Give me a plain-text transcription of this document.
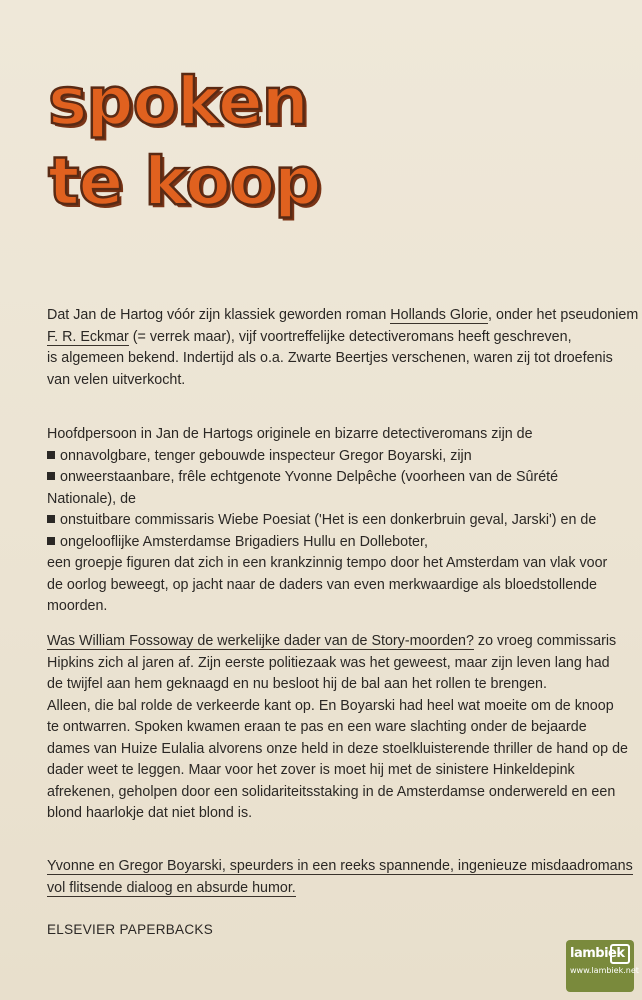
spoken
te koop
Dat Jan de Hartog vóór zijn klassiek geworden roman Hollands Glorie, onder het pseudoniem
F. R. Eckmar (= verrek maar), vijf voortreffelijke detectiveromans heeft geschreven,
is algemeen bekend. Indertijd als o.a. Zwarte Beertjes verschenen, waren zij tot droefenis
van velen uitverkocht.
Hoofdpersoon in Jan de Hartogs originele en bizarre detectiveromans zijn de
onnavolgbare, tenger gebouwde inspecteur Gregor Boyarski, zijn
onweerstaanbare, frêle echtgenote Yvonne Delpêche (voorheen van de Sûrété
Nationale), de
onstuitbare commissaris Wiebe Poesiat ('Het is een donkerbruin geval, Jarski') en de
ongelooflijke Amsterdamse Brigadiers Hullu en Dolleboter,
een groepje figuren dat zich in een krankzinnig tempo door het Amsterdam van vlak voor
de oorlog beweegt, op jacht naar de daders van even merkwaardige als bloedstollende
moorden.
Was William Fossoway de werkelijke dader van de Story-moorden? zo vroeg commissaris
Hipkins zich al jaren af. Zijn eerste politiezaak was het geweest, maar zijn leven lang had
de twijfel aan hem geknaagd en nu besloot hij de bal aan het rollen te brengen.
Alleen, die bal rolde de verkeerde kant op. En Boyarski had heel wat moeite om de knoop
te ontwarren. Spoken kwamen eraan te pas en een ware slachting onder de bejaarde
dames van Huize Eulalia alvorens onze held in deze stoelkluisterende thriller de hand op de
dader weet te leggen. Maar voor het zover is moet hij met de sinistere Hinkeldepink
afrekenen, geholpen door een solidariteitsstaking in de Amsterdamse onderwereld en een
blond haarlokje dat niet blond is.
Yvonne en Gregor Boyarski, speurders in een reeks spannende, ingenieuze misdaadromans
vol flitsende dialoog en absurde humor.
ELSEVIER PAPERBACKS
lambiek
www.lambiek.net
